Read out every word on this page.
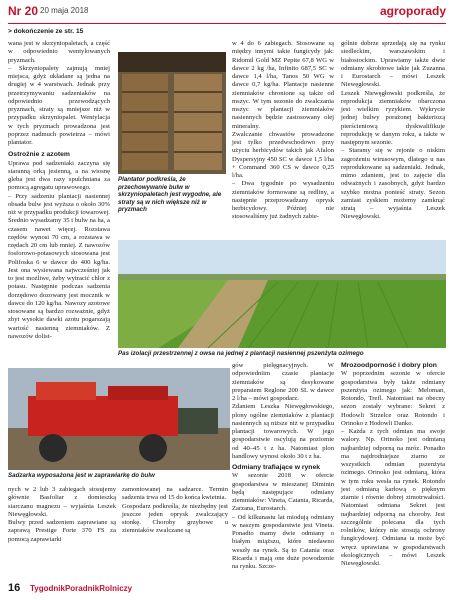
Nr 20 20 maja 2018	agroporady
> dokończenie ze str. 15

wana jest w skrzyniopaletach, a część w odpowiednio wentylowanych pryzmach.
– Skrzyniopalety zajmują mniej miejsca, gdyż układane są jedna na drugiej w 4 warstwach. Jednak przy przetrzymywaniu sadzeniaków na odpowiednio przewodzących pryzmach, straty są mniejsze niż w przypadku skrzyniopalet. Wentylacja w tych pryzmach prowadzona jest poprzez nadmuch powietrza – mówi plantator.

Ostrożnie z azotem

Uprawa pod sadzeniaki zaczyna się staranną orką jesienną, a na wiosnę gleba jest dwa razy spulchniana za pomocą agregatu uprawowego.
– Przy sadzeniu plantacji nasiennej obsada bulw jest wyższa o około 30% niż w przypadku produkcji towarowej. Średnio wysadzamy 35 t bulw na ha, a czasem nawet więcej. Rozstawa rzędów wynosi 70 cm, a rozstawa w rzędach 20 cm lub mniej. Z nawozów fosforowo-potasowych stosowana jest Polifoska 6 w dawce do 400 kg/ha. Jest ona wysiewana najwcześniej jak to jest możliwe, żeby wytracić chlor z potasu. Następnie podczas sadzenia dorzędowo dozowany jest mocznik w dawce do 120 kg/ha. Nawozy azotowe stosowane są bardzo rozważnie, gdyż zbyt wysokie dawki azotu pogarszają wartość nasienną ziemniaków. Z nawozów dolist-

Plantator podkreśla, że przechowywanie bulw w skrzyniopaletach jest wygodne, ale straty są w nich większe niż w pryzmach
w 4 do 6 zabiegach. Stosowane są między innymi takie fungicydy jak: Ridomil Gold MZ Pepite 67,8 WG w dawce 2 kg /ha, Infinito 687,5 SC w dawce 1,4 l/ha, Tanos 50 WG w dawce 0,7 kg/ha. Plantacje nasienne ziemniaków chronione są także od mszyc. W tym sezonie do zwalczania mszyc w plantacji ziemniaków nasiennych będzie zastosowany olej mineralny.
Zwalczanie chwastów prowadzone jest tylko przedwschodowo przy użyciu herbicydów takich jak Afalon Dyspersyjny 450 SC w dawce 1,5 l/ha + Command 360 CS w dawce 0,25 l/ha.
– Dwa tygodnie po wysadzeniu ziemniaków formowane są redliny, a następnie przeprowadzany oprysk herbicydowy. Później nie stosowaliśmy już żadnych zabie-
gólnie dobrze sprzedają się na rynku siedleckim, warszawskim i białostockim. Uprawiamy także dwie odmiany skrobiowe takie jak Zuzanna i Eurostarch – mówi Leszek Niewęgłowski.
Leszek Niewęgłowski podkreśla, że reprodukcja ziemniaków obarczona jest wielkim ryzykiem. Wykrycie jednej bulwy porażonej bakteriozą pierścieniową dyskwalifikuje reprodukcję w danym roku, a także w następnym sezonie.
– Staramy się w rejonie o niskim zagrożeniu wirusowym, dlatego u nas reprodukowane są sadzeniaki. Jednak, mimo zdaniem, jest to zajęcie dla odważnych i zasobnych, gdyż bardzo szybko można ponieść straty. Sezon zamiast zyskiem możemy zamknąć stratą – wyjaśnia Leszek Niewęgłowski.
Pas izolacji przestrzennej z owsa na jednej z plantacji nasiennej pszenżyta ozimego
Sadzarka wyposażona jest w zaprawiarkę do bulw

gów pielęgnacyjnych. W odpowiedniim czasie plantacje ziemniaków są desykowane preparatem Reglone 200 SL w dawce 2 l/ha – mówi gospodarz.
Zdaniem Leszka Niewęgłowskiego, plony ogólne ziemniaków z plantacji nasiennych są niższe niż w przypadku plantacji towarowych. W jego gospodarstwie oscylują na poziomie od 40–45 t z ha. Natomiast plon handlowy wynosi około 30 t z ha.

Odmiany trafiające w rynek

W sezonie 2018 w ofercie gospodarstwa w mieszanej Diminin będą następujące odmiany ziemniaków: Vineta, Catania, Ricarda, Zarzana, Eurostarch.
– Od kilkunastu lat miodują odmiany w naszym gospodarstwie jest Vineta. Ponadto mamy dwie odmiany o białym miąższu, które niedawno weszły na rynek. Są to Catania oraz Ricarda i mają one duże powodzenie na rynku. Szcze-

Mrozoodporność i dobry plon

W poprzednim sezonie w ofercie gospodarstwa były także odmiany pszenżyta ozimego jak: Meloman, Rotondo, Trefl. Natomiast na obecny sezon zostały wybrane: Sekret z Hodowli Strzelce oraz Rotondo i Orinoko z Hodowli Danko.
– Każda z tych odmian ma swoje walory. Np. Orinoko jest odmianą najbardziej odporną na mróz. Ponadto ma najdrodniejsze ziarno ze wszystkich odmian pszenżyta ozimego. Orinoko jest odmianą, która w tym roku wesła na rynek. Rotondo jest odmianą karłową o pięknym ziarnie i równie dobrej zimotrwałości. Natomiast odmiana Sekret jest najbardziej odporną na choroby. Jest szczególnie polecana dla tych rolników, którzy nie stosują ochrony fungicydowej. Odmiana ta może być wręcz uprawiana w gospodarstwach ekologicznych – mówi Leszek Niewęgłowski.

nych w 2 lub 3 zabiegach stosujemy głównie Basfoliar z domieszką siarczanu magnezu – wyjaśnia Leszek Niewęgłowski.
Bulwy przed sadzeniem zaprawiane są zaprawą Prestige Forte 370 FS za pomocą zaprawiarki
zamontowanej na sadzarce. Termin sadzenia trwa od 15 do końca kwietnia.
Gospodarz podkreśla, że niezbędny jest jeszcze jeden oprysk zwalczający stonkę. Choroby grzybowe u ziemniaków zwalczane są
16 TygodnikPoradnikRolniczy
